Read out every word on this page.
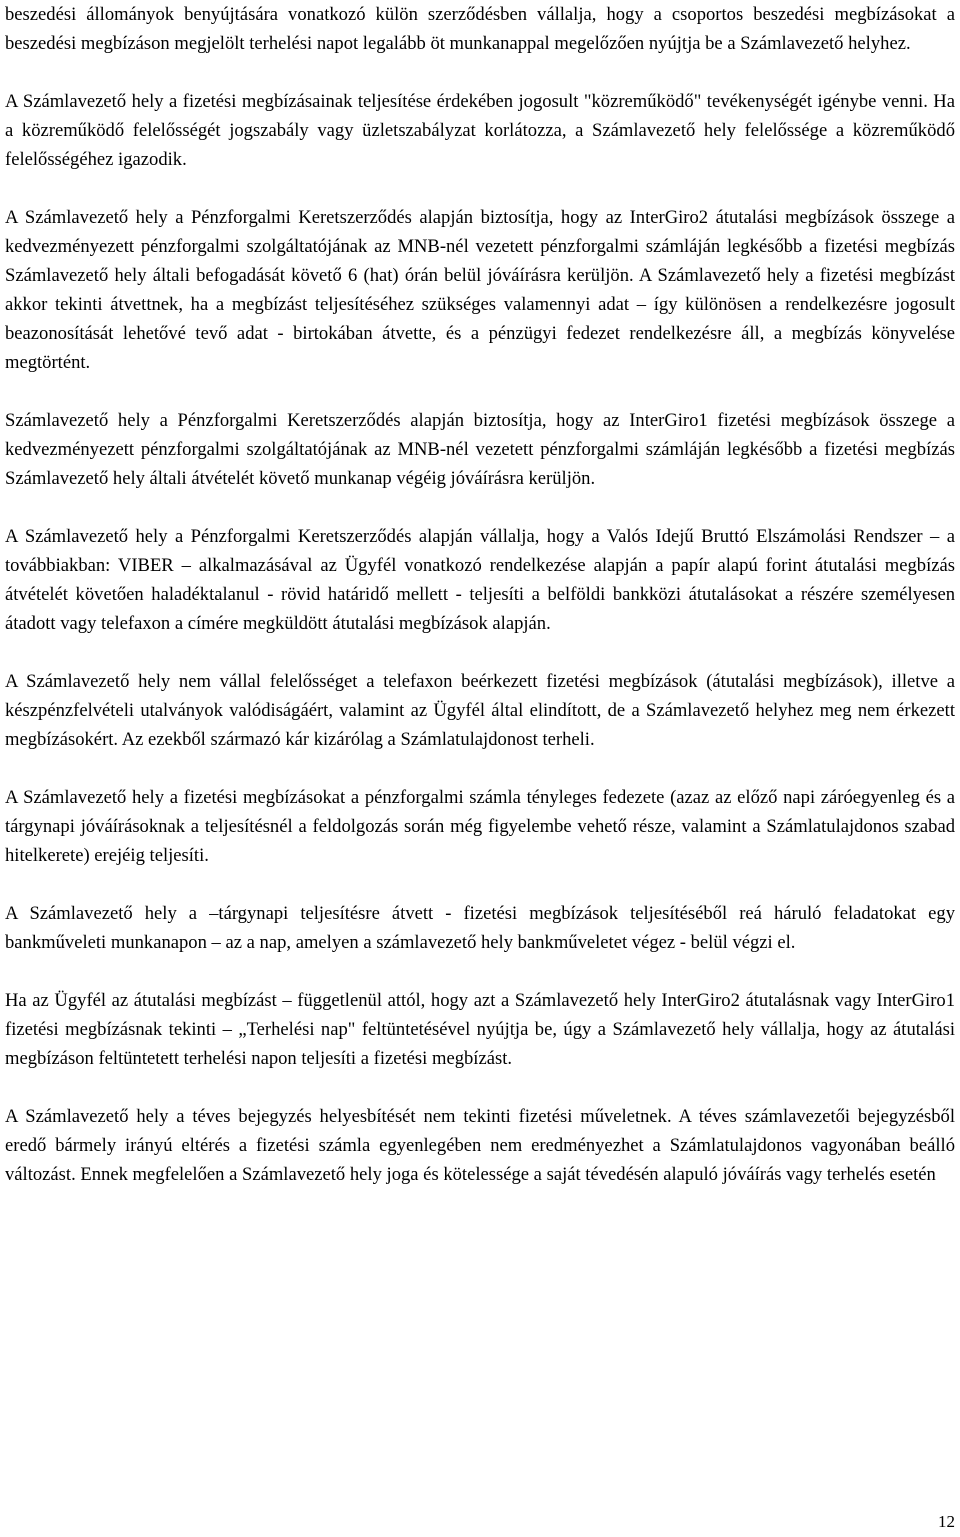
beszedési állományok benyújtására vonatkozó külön szerződésben vállalja, hogy a csoportos beszedési megbízásokat a beszedési megbízáson megjelölt terhelési napot legalább öt munkanappal megelőzően nyújtja be a Számlavezető helyhez.

A Számlavezető hely a fizetési megbízásainak teljesítése érdekében jogosult "közreműködő" tevékenységét igénybe venni. Ha a közreműködő felelősségét jogszabály vagy üzletszabályzat korlátozza, a Számlavezető hely felelőssége a közreműködő felelősségéhez igazodik.

A Számlavezető hely a Pénzforgalmi Keretszerződés alapján biztosítja, hogy az InterGiro2 átutalási megbízások összege a kedvezményezett pénzforgalmi szolgáltatójának az MNB-nél vezetett pénzforgalmi számláján legkésőbb a fizetési megbízás Számlavezető hely általi befogadását követő 6 (hat) órán belül jóváírásra kerüljön. A Számlavezető hely a fizetési megbízást akkor tekinti átvettnek, ha a megbízást teljesítéséhez szükséges valamennyi adat – így különösen a rendelkezésre jogosult beazonosítását lehetővé tevő adat - birtokában átvette, és a pénzügyi fedezet rendelkezésre áll, a megbízás könyvelése megtörtént.

Számlavezető hely a Pénzforgalmi Keretszerződés alapján biztosítja, hogy az InterGiro1 fizetési megbízások összege a kedvezményezett pénzforgalmi szolgáltatójának az MNB-nél vezetett pénzforgalmi számláján legkésőbb a fizetési megbízás Számlavezető hely általi átvételét követő munkanap végéig jóváírásra kerüljön.

A Számlavezető hely a Pénzforgalmi Keretszerződés alapján vállalja, hogy a Valós Idejű Bruttó Elszámolási Rendszer – a továbbiakban: VIBER – alkalmazásával az Ügyfél vonatkozó rendelkezése alapján a papír alapú forint átutalási megbízás átvételét követően haladéktalanul - rövid határidő mellett - teljesíti a belföldi bankközi átutalásokat a részére személyesen átadott vagy telefaxon a címére megküldött átutalási megbízások alapján.

A Számlavezető hely nem vállal felelősséget a telefaxon beérkezett fizetési megbízások (átutalási megbízások), illetve a készpénzfelvételi utalványok valódiságáért, valamint az Ügyfél által elindított, de a Számlavezető helyhez meg nem érkezett megbízásokért. Az ezekből származó kár kizárólag a Számlatulajdonost terheli.

A Számlavezető hely a fizetési megbízásokat a pénzforgalmi számla tényleges fedezete (azaz az előző napi záróegyenleg és a tárgynapi jóváírásoknak a teljesítésnél a feldolgozás során még figyelembe vehető része, valamint a Számlatulajdonos szabad hitelkerete) erejéig teljesíti.

A Számlavezető hely a –tárgynapi teljesítésre átvett - fizetési megbízások teljesítéséből reá háruló feladatokat egy bankműveleti munkanapon – az a nap, amelyen a számlavezető hely bankműveletet végez - belül végzi el.

Ha az Ügyfél az átutalási megbízást – függetlenül attól, hogy azt a Számlavezető hely InterGiro2 átutalásnak vagy InterGiro1 fizetési megbízásnak tekinti – „Terhelési nap" feltüntetésével nyújtja be, úgy a Számlavezető hely vállalja, hogy az átutalási megbízáson feltüntetett terhelési napon teljesíti a fizetési megbízást.

A Számlavezető hely a téves bejegyzés helyesbítését nem tekinti fizetési műveletnek. A téves számlavezetői bejegyzésből eredő bármely irányú eltérés a fizetési számla egyenlegében nem eredményezhet a Számlatulajdonos vagyonában beálló változást. Ennek megfelelően a Számlavezető hely joga és kötelessége a saját tévedésén alapuló jóváírás vagy terhelés esetén

12
